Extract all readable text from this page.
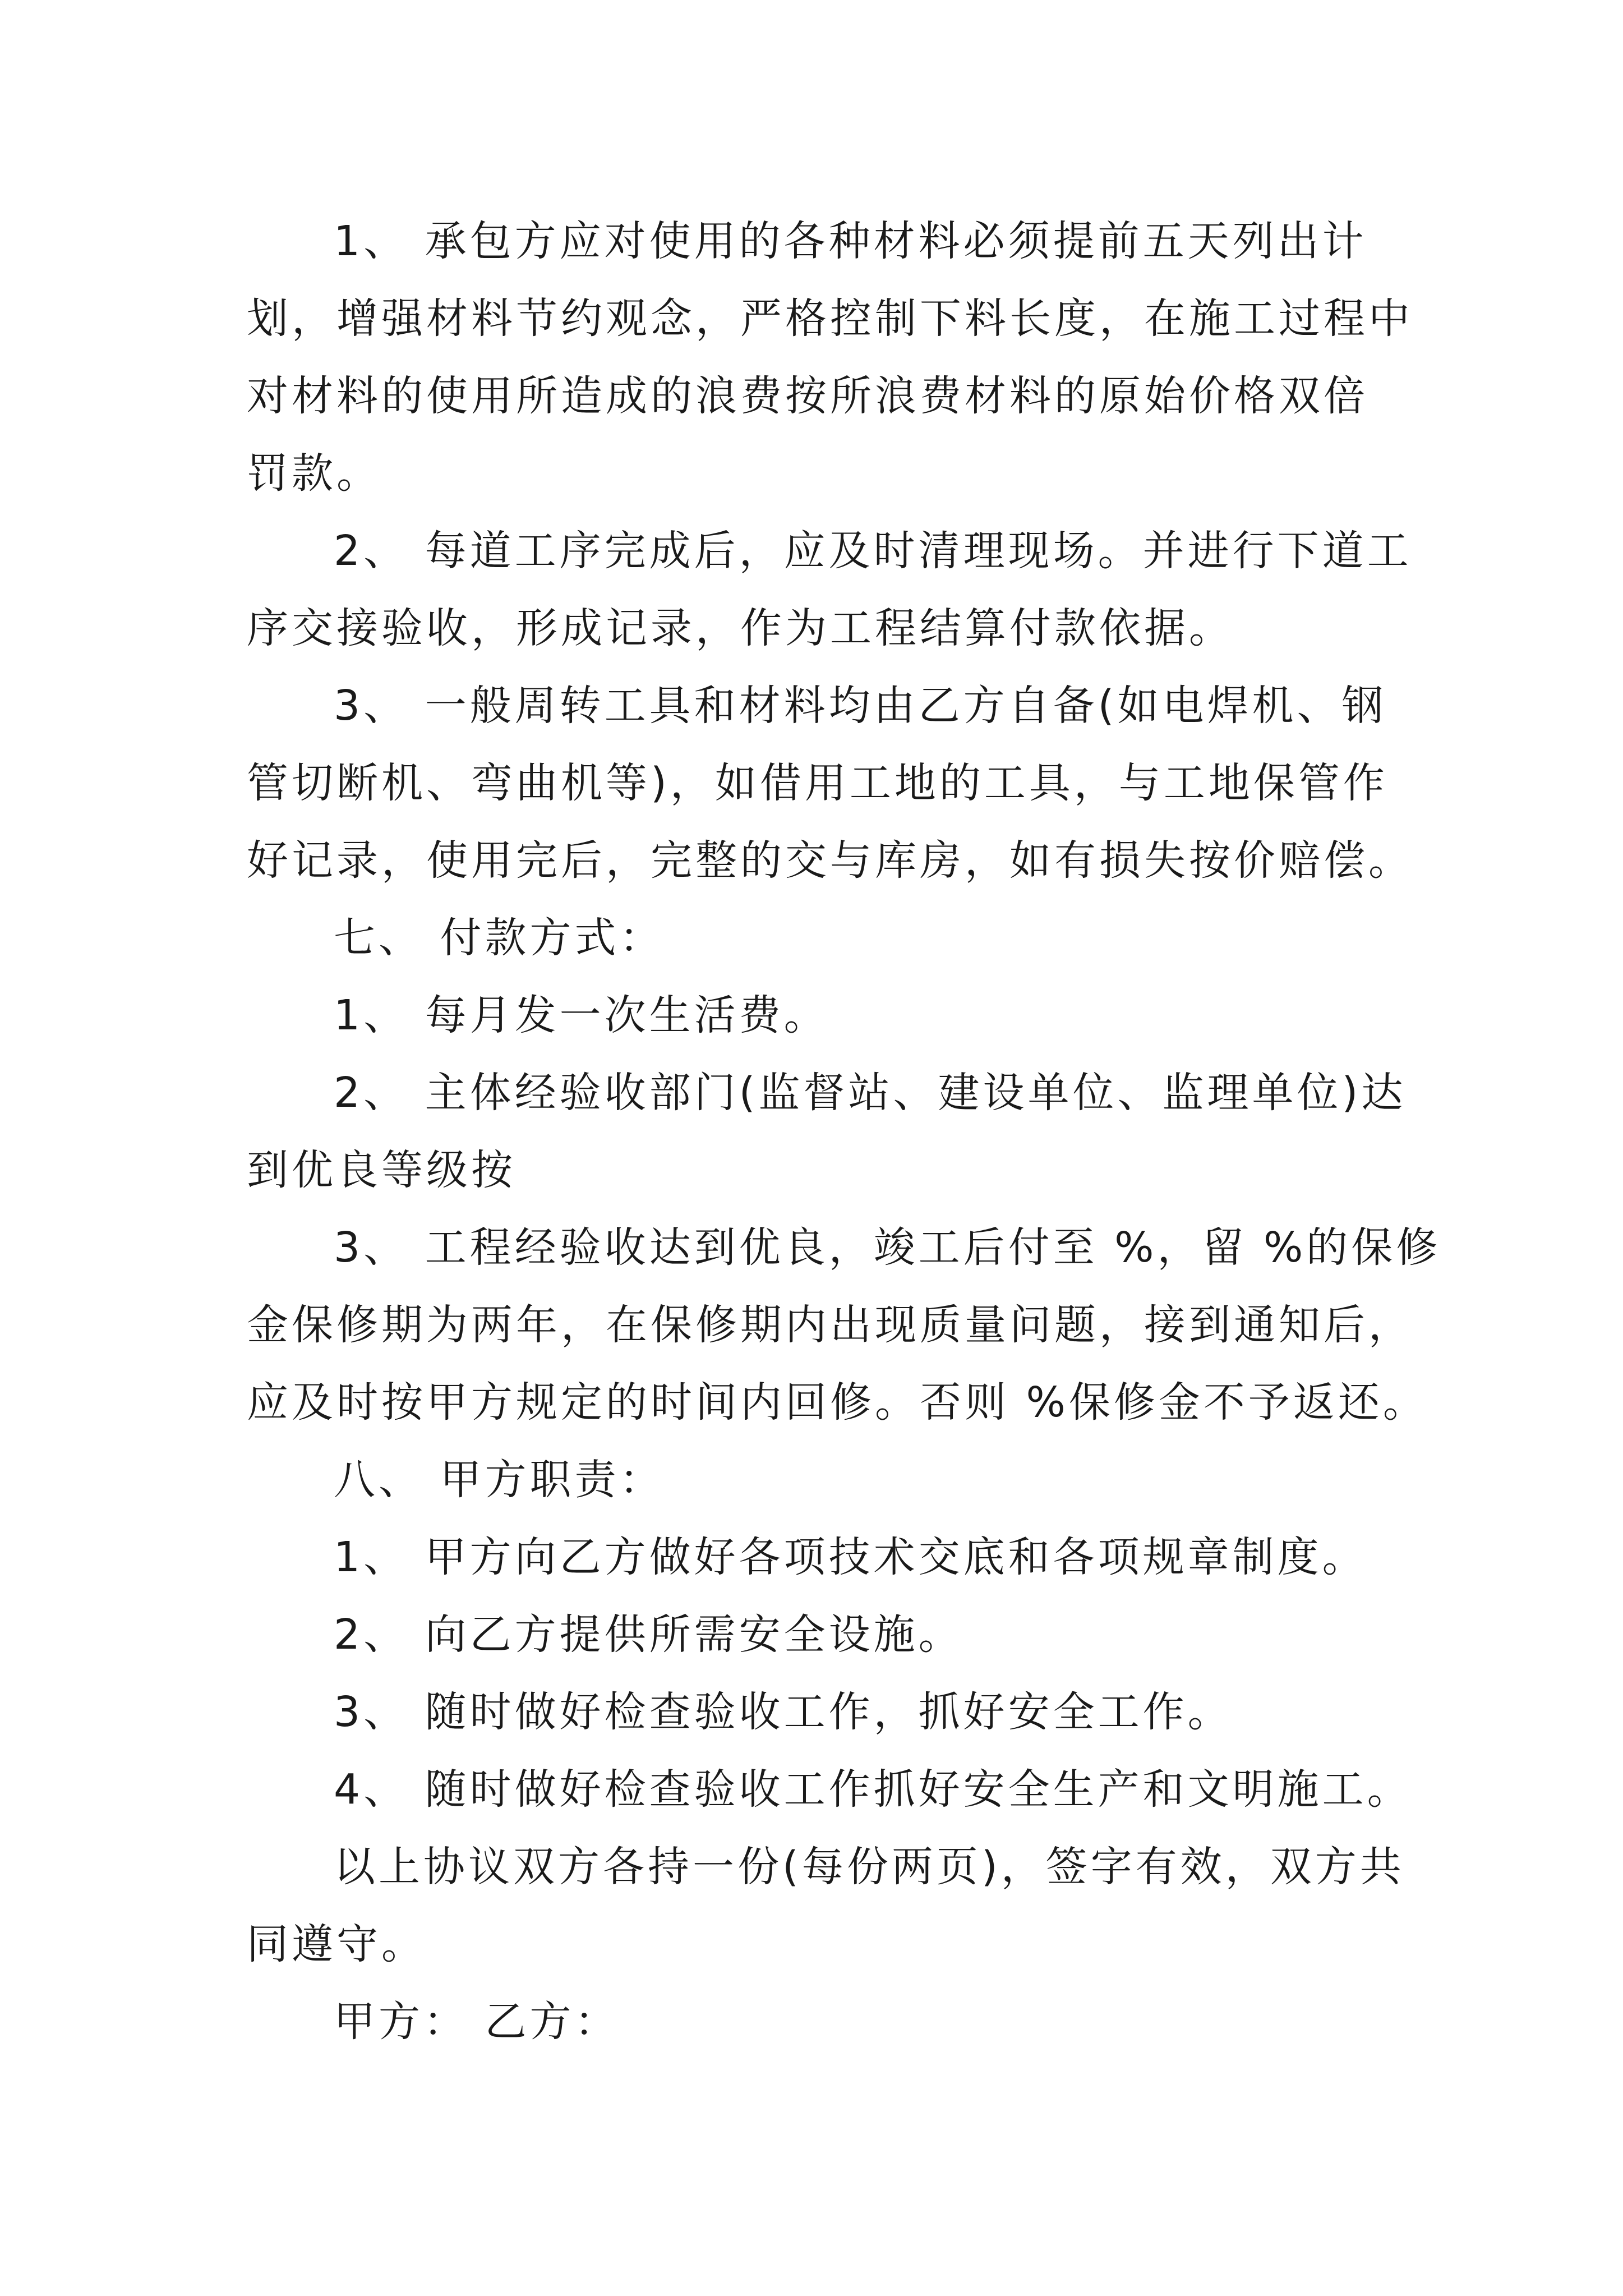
1、 承包方应对使用的各种材料必须提前五天列出计
划，增强材料节约观念，严格控制下料长度，在施工过程中
对材料的使用所造成的浪费按所浪费材料的原始价格双倍
罚款。
2、 每道工序完成后，应及时清理现场。并进行下道工
序交接验收，形成记录，作为工程结算付款依据。
3、 一般周转工具和材料均由乙方自备(如电焊机、钢
管切断机、弯曲机等)，如借用工地的工具，与工地保管作
好记录，使用完后，完整的交与库房，如有损失按价赔偿。
七、 付款方式：
1、 每月发一次生活费。
2、 主体经验收部门(监督站、建设单位、监理单位)达
到优良等级按
3、 工程经验收达到优良，竣工后付至 %，留 %的保修
金保修期为两年，在保修期内出现质量问题，接到通知后，
应及时按甲方规定的时间内回修。否则 %保修金不予返还。
八、 甲方职责：
1、 甲方向乙方做好各项技术交底和各项规章制度。
2、 向乙方提供所需安全设施。
3、 随时做好检查验收工作，抓好安全工作。
4、 随时做好检查验收工作抓好安全生产和文明施工。
以上协议双方各持一份(每份两页)，签字有效，双方共
同遵守。
甲方： 乙方：
